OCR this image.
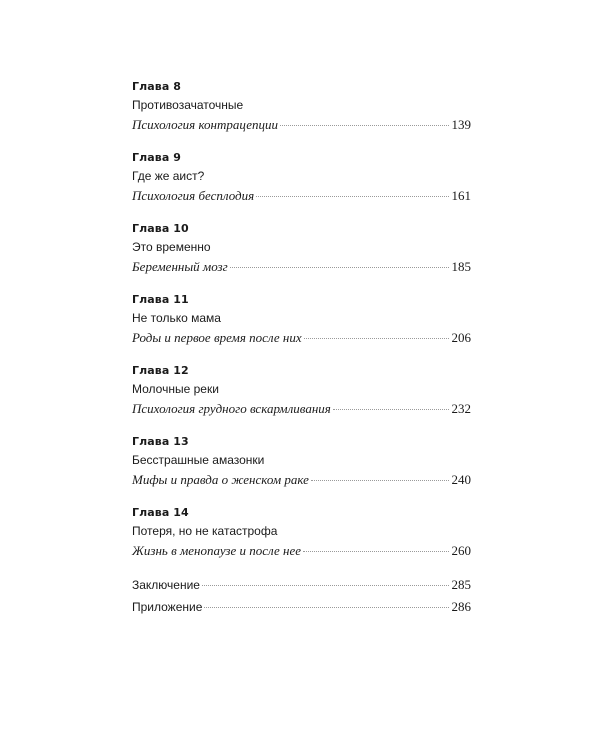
Глава 8
Противозачаточные
Психология контрацепции	139
Глава 9
Где же аист?
Психология бесплодия	161
Глава 10
Это временно
Беременный мозг	185
Глава 11
Не только мама
Роды и первое время после них	206
Глава 12
Молочные реки
Психология грудного вскармливания	232
Глава 13
Бесстрашные амазонки
Мифы и правда о женском раке	240
Глава 14
Потеря, но не катастрофа
Жизнь в менопаузе и после нее	260
Заключение	285
Приложение	286
